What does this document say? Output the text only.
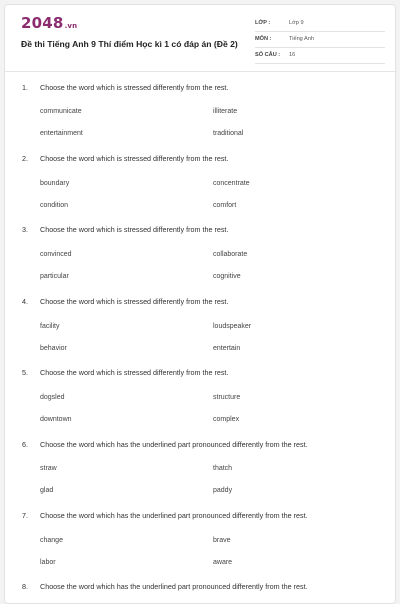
2048.vn
Đề thi Tiếng Anh 9 Thí điểm Học kì 1 có đáp án (Đề 2)
LỚP :	Lớp 9
MÔN :	Tiếng Anh
SỐ CÂU : 16
1. Choose the word which is stressed differently from the rest.
communicate	illiterate
entertainment	traditional
2. Choose the word which is stressed differently from the rest.
boundary	concentrate
condition	comfort
3. Choose the word which is stressed differently from the rest.
convinced	collaborate
particular	cognitive
4. Choose the word which is stressed differently from the rest.
facility	loudspeaker
behavior	entertain
5. Choose the word which is stressed differently from the rest.
dogsled	structure
downtown	complex
6. Choose the word which has the underlined part pronounced differently from the rest.
straw	thatch
glad	paddy
7. Choose the word which has the underlined part pronounced differently from the rest.
change	brave
labor	aware
8. Choose the word which has the underlined part pronounced differently from the rest.
